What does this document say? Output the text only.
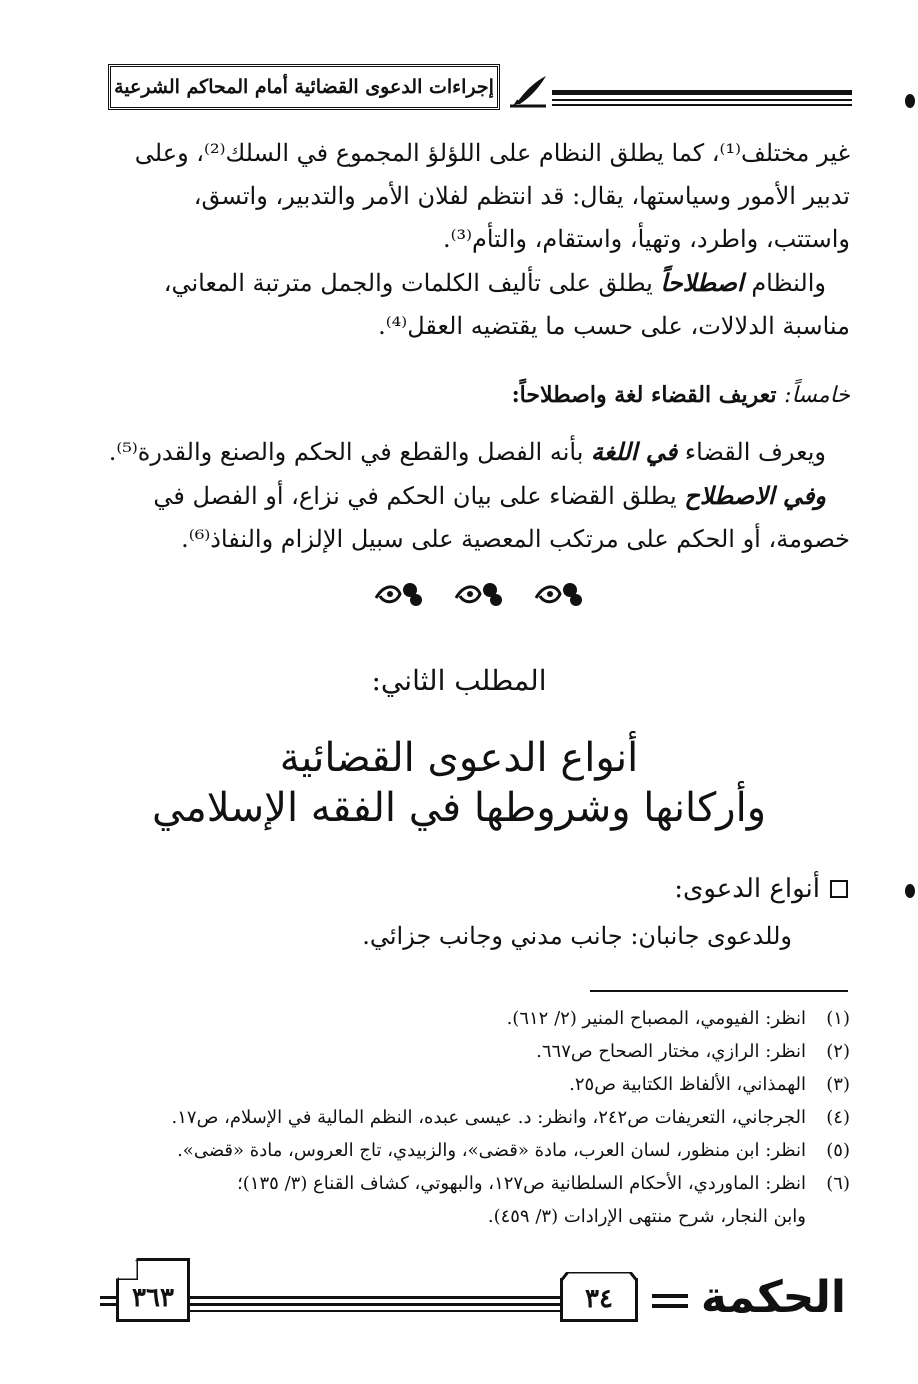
إجراءات الدعوى القضائية أمام المحاكم الشرعية

غير مختلف⁽¹⁾، كما يطلق النظام على اللؤلؤ المجموع في السلك⁽²⁾، وعلى

تدبير الأمور وسياستها، يقال: قد انتظم لفلان الأمر والتدبير، واتسق،

واستتب، واطرد، وتهيأ، واستقام، والتأم⁽³⁾.

والنظام اصطلاحاً يطلق على تأليف الكلمات والجمل مترتبة المعاني،

مناسبة الدلالات، على حسب ما يقتضيه العقل⁽⁴⁾.

خامساً: تعريف القضاء لغة واصطلاحاً:

ويعرف القضاء في اللغة بأنه الفصل والقطع في الحكم والصنع والقدرة⁽⁵⁾.

وفي الاصطلاح يطلق القضاء على بيان الحكم في نزاع، أو الفصل في

خصومة، أو الحكم على مرتكب المعصية على سبيل الإلزام والنفاذ⁽⁶⁾.

المطلب الثاني:
أنواع الدعوى القضائية
وأركانها وشروطها في الفقه الإسلامي
أنواع الدعوى:
وللدعوى جانبان: جانب مدني وجانب جزائي.
(١)
انظر: الفيومي، المصباح المنير (٢/ ٦١٢).
(٢)
انظر: الرازي، مختار الصحاح ص٦٦٧.
(٣)
الهمذاني، الألفاظ الكتابية ص٢٥.
(٤)
الجرجاني، التعريفات ص٢٤٢، وانظر: د. عيسى عبده، النظم المالية في الإسلام، ص١٧.
(٥)
انظر: ابن منظور، لسان العرب، مادة «قضى»، والزبيدي، تاج العروس، مادة «قضى».
(٦)
انظر: الماوردي، الأحكام السلطانية ص١٢٧، والبهوتي، كشاف القناع (٣/ ١٣٥)؛
وابن النجار، شرح منتهى الإرادات (٣/ ٤٥٩).
٣٦٣	٣٤ الحكمة
